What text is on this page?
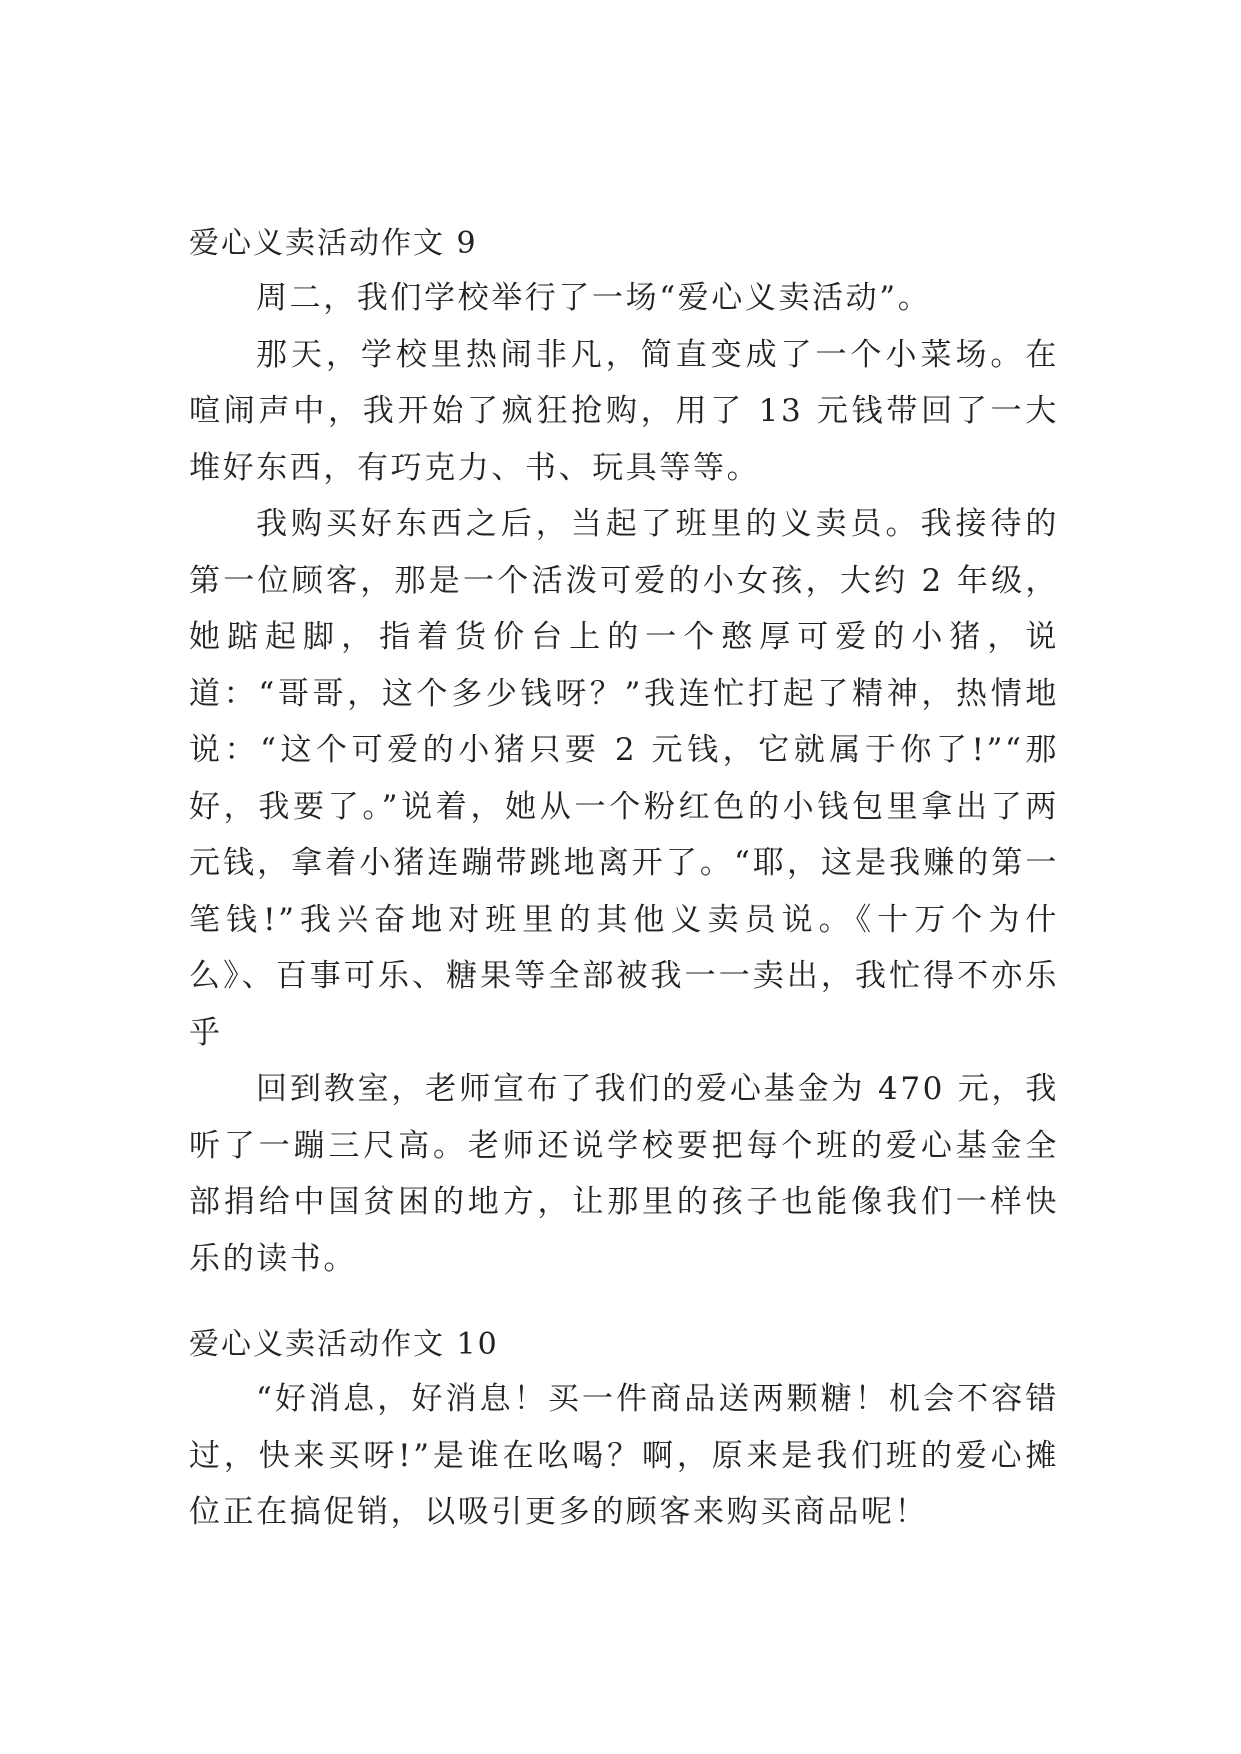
爱心义卖活动作文 9

周二，我们学校举行了一场“爱心义卖活动”。

那天，学校里热闹非凡，简直变成了一个小菜场。在喧闹声中，我开始了疯狂抢购，用了 13 元钱带回了一大堆好东西，有巧克力、书、玩具等等。

我购买好东西之后，当起了班里的义卖员。我接待的第一位顾客，那是一个活泼可爱的小女孩，大约 2 年级，她踮起脚，指着货价台上的一个憨厚可爱的小猪，说道：“哥哥，这个多少钱呀？”我连忙打起了精神，热情地说：“这个可爱的小猪只要 2 元钱，它就属于你了!”“那好，我要了。”说着，她从一个粉红色的小钱包里拿出了两元钱，拿着小猪连蹦带跳地离开了。“耶，这是我赚的第一笔钱!”我兴奋地对班里的其他义卖员说。《十万个为什么》、百事可乐、糖果等全部被我一一卖出，我忙得不亦乐乎

回到教室，老师宣布了我们的爱心基金为 470 元，我听了一蹦三尺高。老师还说学校要把每个班的爱心基金全部捐给中国贫困的地方，让那里的孩子也能像我们一样快乐的读书。

爱心义卖活动作文 10

“好消息，好消息！买一件商品送两颗糖！机会不容错过，快来买呀!”是谁在吆喝？啊，原来是我们班的爱心摊位正在搞促销，以吸引更多的顾客来购买商品呢！
